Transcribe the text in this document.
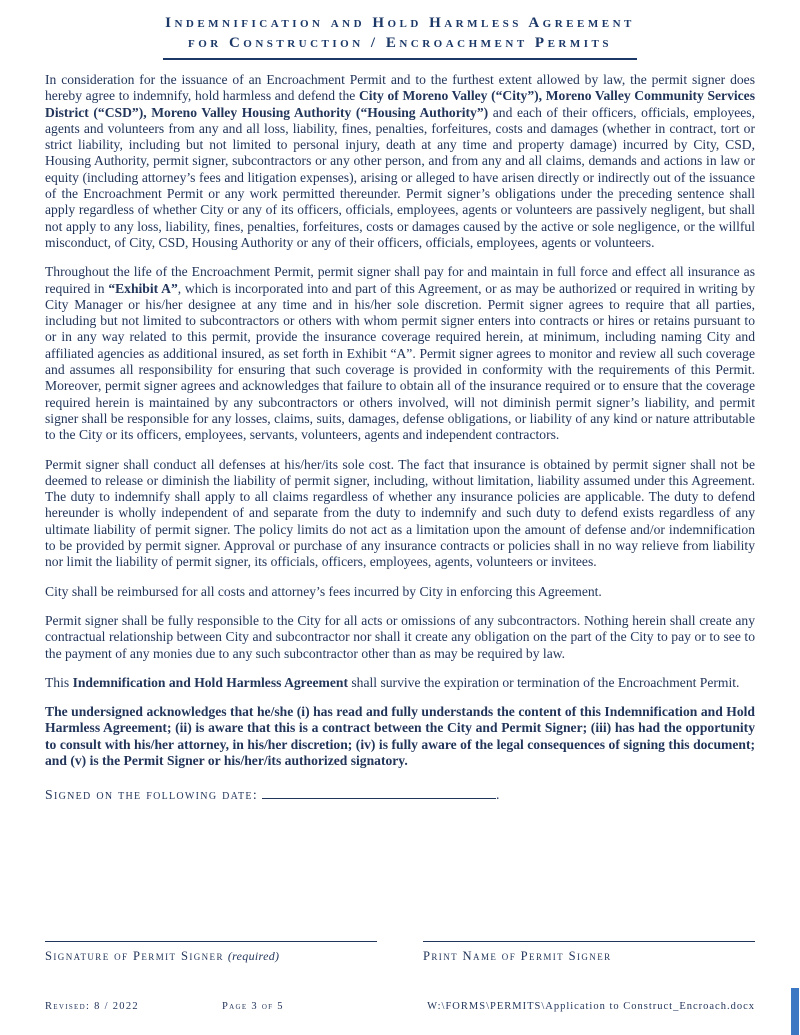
Indemnification and Hold Harmless Agreement
for Construction / Encroachment Permits

In consideration for the issuance of an Encroachment Permit and to the furthest extent allowed by law, the permit signer does hereby agree to indemnify, hold harmless and defend the City of Moreno Valley (“City”), Moreno Valley Community Services District (“CSD”), Moreno Valley Housing Authority (“Housing Authority”) and each of their officers, officials, employees, agents and volunteers from any and all loss, liability, fines, penalties, forfeitures, costs and damages (whether in contract, tort or strict liability, including but not limited to personal injury, death at any time and property damage) incurred by City, CSD, Housing Authority, permit signer, subcontractors or any other person, and from any and all claims, demands and actions in law or equity (including attorney’s fees and litigation expenses), arising or alleged to have arisen directly or indirectly out of the issuance of the Encroachment Permit or any work permitted thereunder. Permit signer’s obligations under the preceding sentence shall apply regardless of whether City or any of its officers, officials, employees, agents or volunteers are passively negligent, but shall not apply to any loss, liability, fines, penalties, forfeitures, costs or damages caused by the active or sole negligence, or the willful misconduct, of City, CSD, Housing Authority or any of their officers, officials, employees, agents or volunteers.

Throughout the life of the Encroachment Permit, permit signer shall pay for and maintain in full force and effect all insurance as required in “Exhibit A”, which is incorporated into and part of this Agreement, or as may be authorized or required in writing by City Manager or his/her designee at any time and in his/her sole discretion. Permit signer agrees to require that all parties, including but not limited to subcontractors or others with whom permit signer enters into contracts or hires or retains pursuant to or in any way related to this permit, provide the insurance coverage required herein, at minimum, including naming City and affiliated agencies as additional insured, as set forth in Exhibit “A”. Permit signer agrees to monitor and review all such coverage and assumes all responsibility for ensuring that such coverage is provided in conformity with the requirements of this Permit. Moreover, permit signer agrees and acknowledges that failure to obtain all of the insurance required or to ensure that the coverage required herein is maintained by any subcontractors or others involved, will not diminish permit signer’s liability, and permit signer shall be responsible for any losses, claims, suits, damages, defense obligations, or liability of any kind or nature attributable to the City or its officers, employees, servants, volunteers, agents and independent contractors.

Permit signer shall conduct all defenses at his/her/its sole cost. The fact that insurance is obtained by permit signer shall not be deemed to release or diminish the liability of permit signer, including, without limitation, liability assumed under this Agreement. The duty to indemnify shall apply to all claims regardless of whether any insurance policies are applicable. The duty to defend hereunder is wholly independent of and separate from the duty to indemnify and such duty to defend exists regardless of any ultimate liability of permit signer. The policy limits do not act as a limitation upon the amount of defense and/or indemnification to be provided by permit signer. Approval or purchase of any insurance contracts or policies shall in no way relieve from liability nor limit the liability of permit signer, its officials, officers, employees, agents, volunteers or invitees.

City shall be reimbursed for all costs and attorney’s fees incurred by City in enforcing this Agreement.

Permit signer shall be fully responsible to the City for all acts or omissions of any subcontractors. Nothing herein shall create any contractual relationship between City and subcontractor nor shall it create any obligation on the part of the City to pay or to see to the payment of any monies due to any such subcontractor other than as may be required by law.

This Indemnification and Hold Harmless Agreement shall survive the expiration or termination of the Encroachment Permit.

The undersigned acknowledges that he/she (i) has read and fully understands the content of this Indemnification and Hold Harmless Agreement; (ii) is aware that this is a contract between the City and Permit Signer; (iii) has had the opportunity to consult with his/her attorney, in his/her discretion; (iv) is fully aware of the legal consequences of signing this document; and (v) is the Permit Signer or his/her/its authorized signatory.

Signed on the following date:	.
Signature of Permit Signer (required)	Print Name of Permit Signer
Revised: 8 / 2022	Page 3 of 5	W:\FORMS\PERMITS\Application to Construct_Encroach.docx
